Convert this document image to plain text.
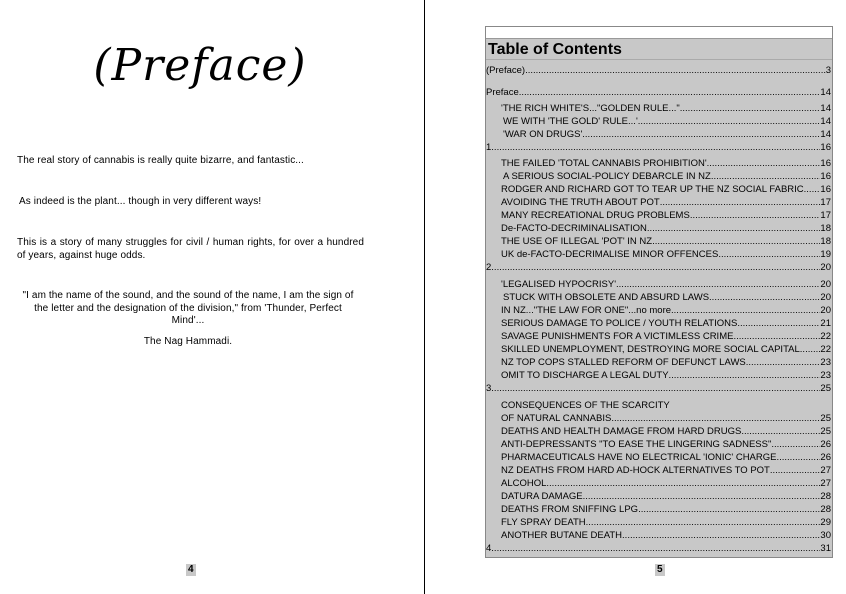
(Preface)
The real story of cannabis is really quite bizarre, and fantastic...
As indeed is the plant... though in very different ways!
This is a story of many struggles for civil / human rights, for over a hundred of years, against huge odds.
"I am the name of the sound, and the sound of the name, I am the sign of the letter and the designation of the division," from 'Thunder, Perfect Mind'...
The Nag Hammadi.
4
Table of Contents
(Preface) .....	3
Preface .....	14
'THE RICH WHITE'S..."GOLDEN RULE..." .....	14
WE WITH 'THE GOLD' RULE...' .....	14
'WAR ON DRUGS' .....	14
1 .....	16
THE FAILED 'TOTAL CANNABIS PROHIBITION' .....	16
A SERIOUS SOCIAL-POLICY DEBARCLE IN NZ .....	16
RODGER AND RICHARD GOT TO TEAR UP THE NZ SOCIAL FABRIC ..... 16
AVOIDING THE TRUTH ABOUT POT .....	17
MANY RECREATIONAL DRUG PROBLEMS .....	17
De-FACTO-DECRIMINALISATION .....	18
THE USE OF ILLEGAL 'POT' IN NZ .....	18
UK de-FACTO-DECRIMALISE MINOR OFFENCES .....	19
2 .....	20
'LEGALISED HYPOCRISY' .....	20
STUCK WITH OBSOLETE AND ABSURD LAWS .....	20
IN NZ..."THE LAW FOR ONE"...no more .....	20
SERIOUS DAMAGE TO POLICE / YOUTH RELATIONS .....	21
SAVAGE PUNISHMENTS FOR A VICTIMLESS CRIME .....	22
SKILLED UNEMPLOYMENT, DESTROYING MORE SOCIAL CAPITAL ..... 22
NZ TOP COPS STALLED REFORM OF DEFUNCT LAWS .....	23
OMIT TO DISCHARGE A LEGAL DUTY .....	23
3 .....	25
CONSEQUENCES OF THE SCARCITY
OF NATURAL CANNABIS .....	25
DEATHS AND HEALTH DAMAGE FROM HARD DRUGS .....	25
ANTI-DEPRESSANTS "TO EASE THE LINGERING SADNESS" .....	26
PHARMACEUTICALS HAVE NO ELECTRICAL 'IONIC' CHARGE .....	26
NZ DEATHS FROM HARD AD-HOCK ALTERNATIVES TO POT .....	27
ALCOHOL .....	27
DATURA DAMAGE .....	28
DEATHS FROM SNIFFING LPG .....	28
FLY SPRAY DEATH .....	29
ANOTHER BUTANE DEATH .....	30
4 .....	31
5
